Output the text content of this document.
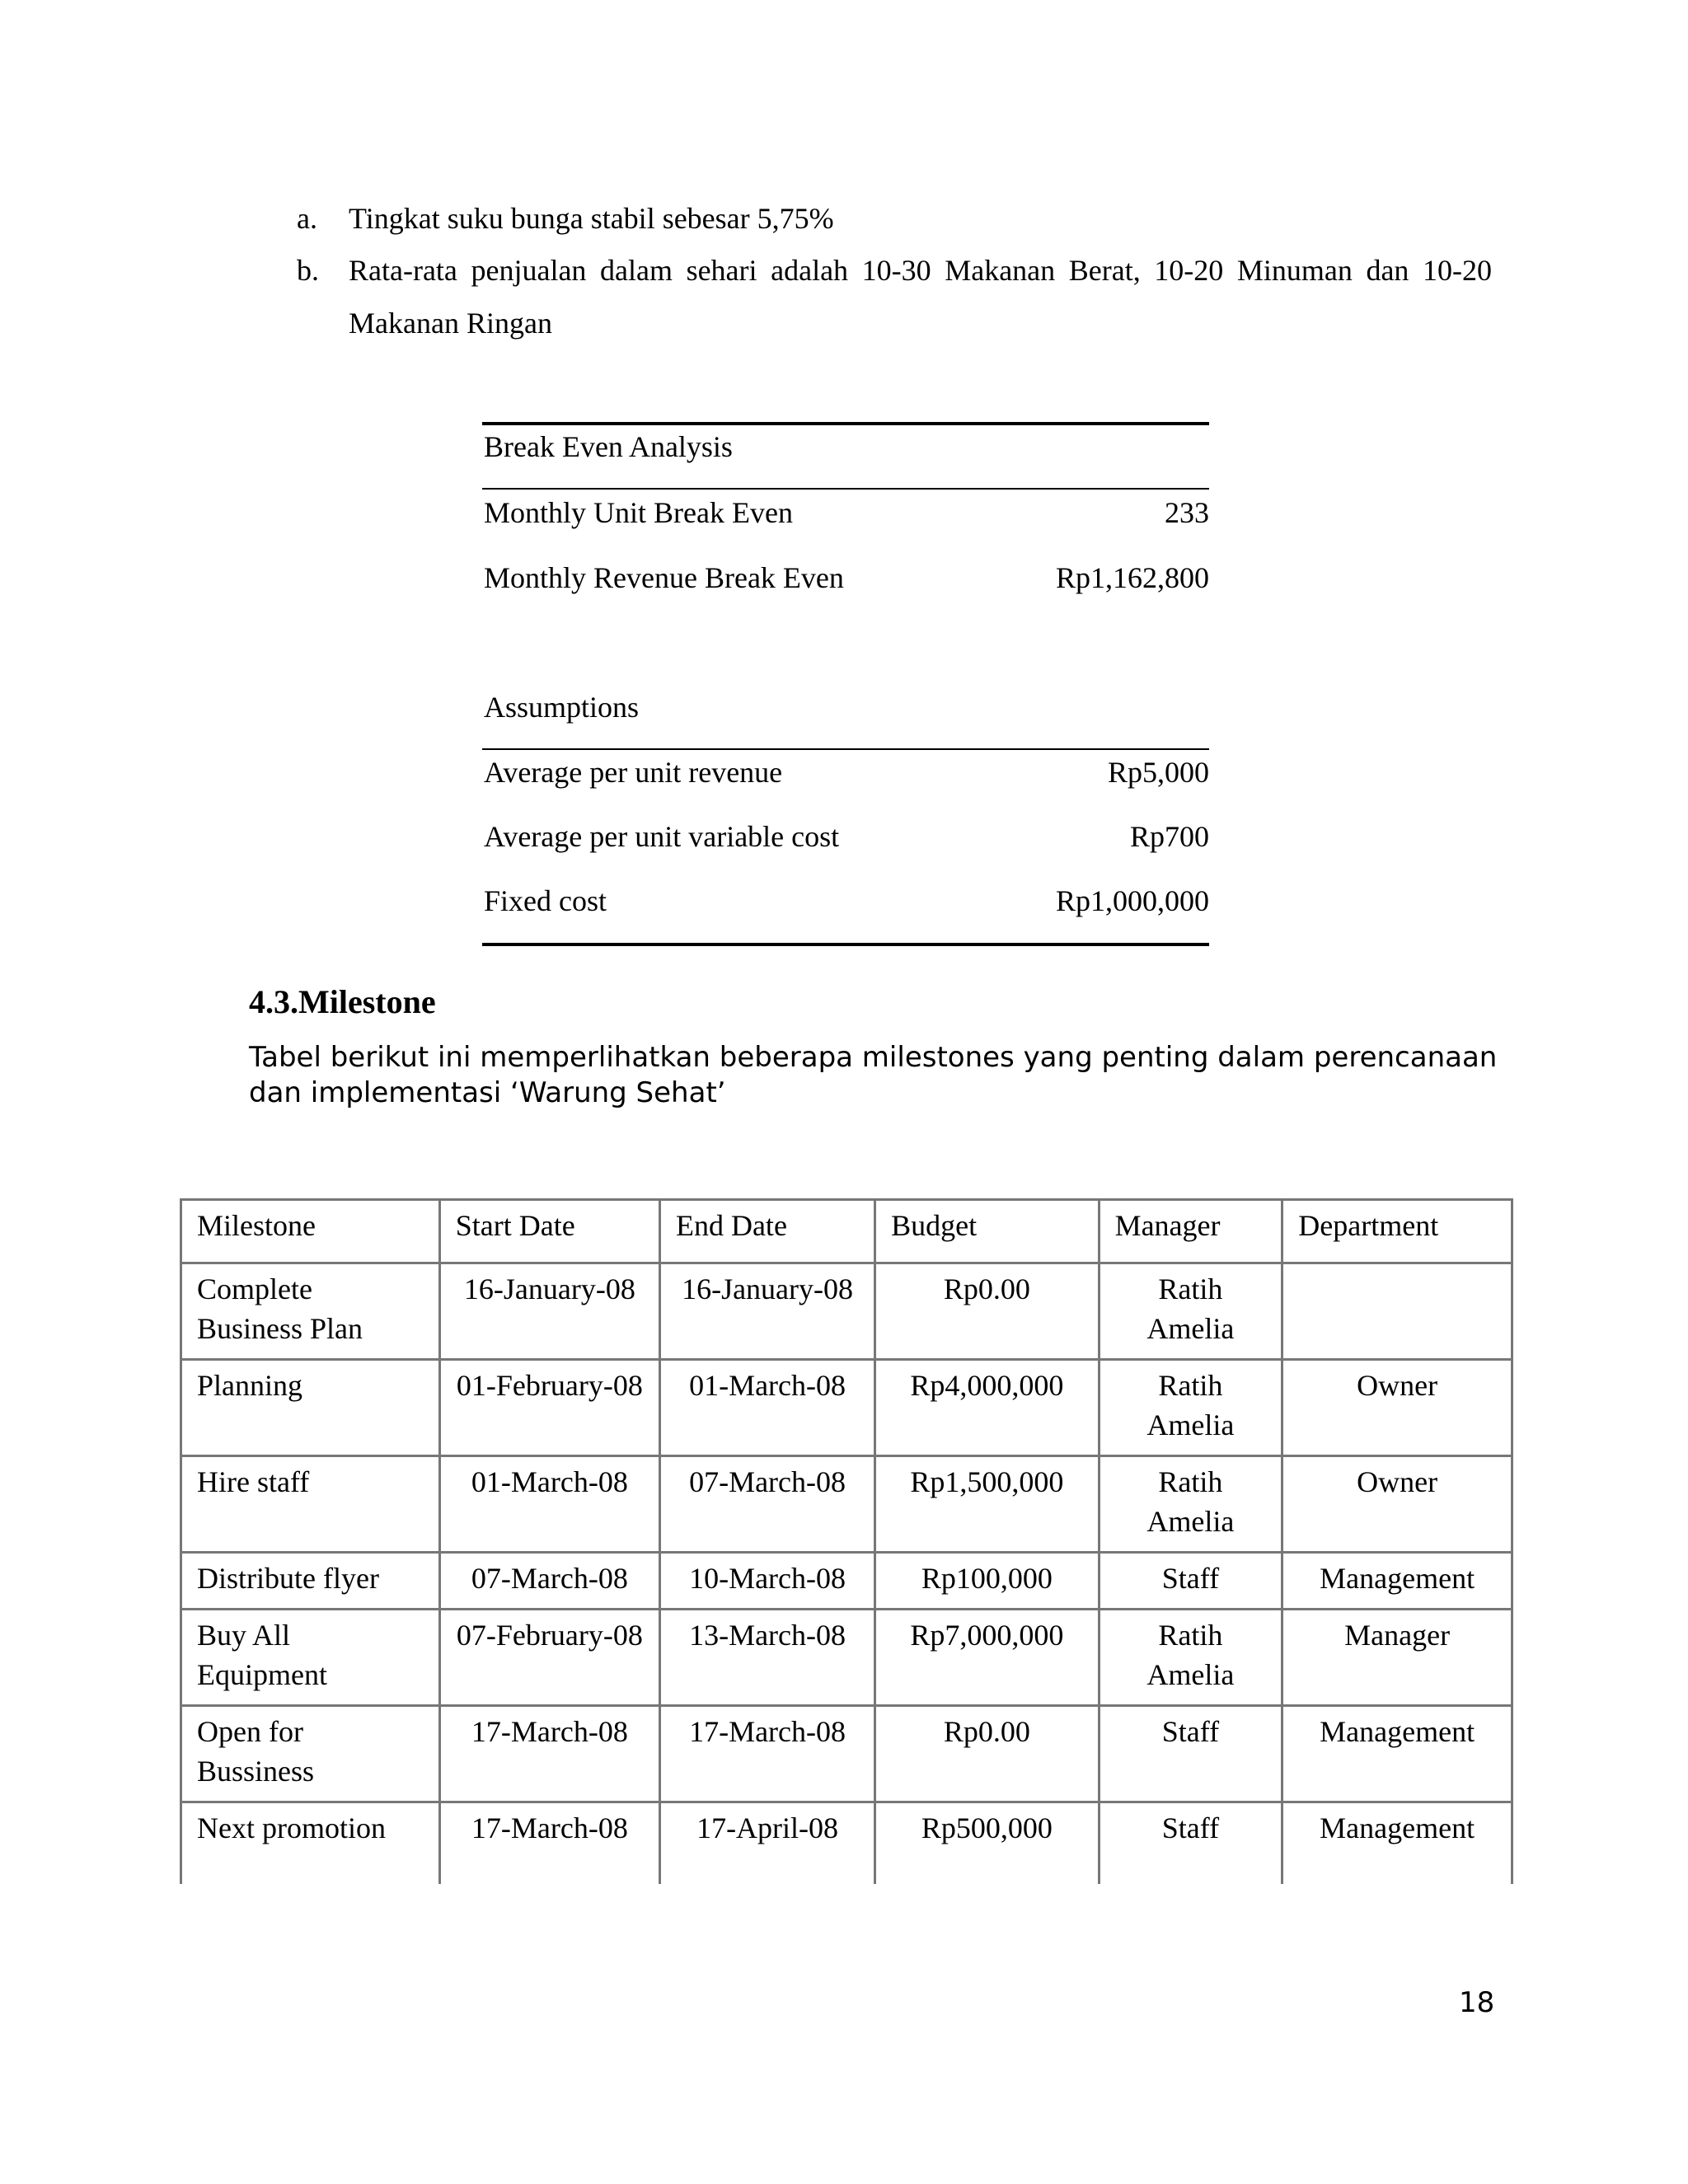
a.	Tingkat suku bunga stabil sebesar 5,75%
b.	Rata-rata penjualan dalam sehari adalah 10-30 Makanan Berat, 10-20 Minuman dan 10-20 Makanan Ringan
Break Even Analysis
Monthly Unit Break Even	233
Monthly Revenue Break Even	Rp1,162,800
Assumptions
Average per unit revenue	Rp5,000
Average per unit variable cost	Rp700
Fixed cost	Rp1,000,000
4.3.Milestone
Tabel berikut ini memperlihatkan beberapa milestones yang penting dalam perencanaan dan implementasi ‘Warung Sehat’
Milestone	Start Date	End Date	Budget	Manager	Department
Complete Business Plan	16-January-08	16-January-08	Rp0.00	Ratih Amelia	
Planning	01-February-08	01-March-08	Rp4,000,000	Ratih Amelia	Owner
Hire staff	01-March-08	07-March-08	Rp1,500,000	Ratih Amelia	Owner
Distribute flyer	07-March-08	10-March-08	Rp100,000	Staff	Management
Buy All Equipment	07-February-08	13-March-08	Rp7,000,000	Ratih Amelia	Manager
Open for Bussiness	17-March-08	17-March-08	Rp0.00	Staff	Management
Next promotion	17-March-08	17-April-08	Rp500,000	Staff	Management
18
